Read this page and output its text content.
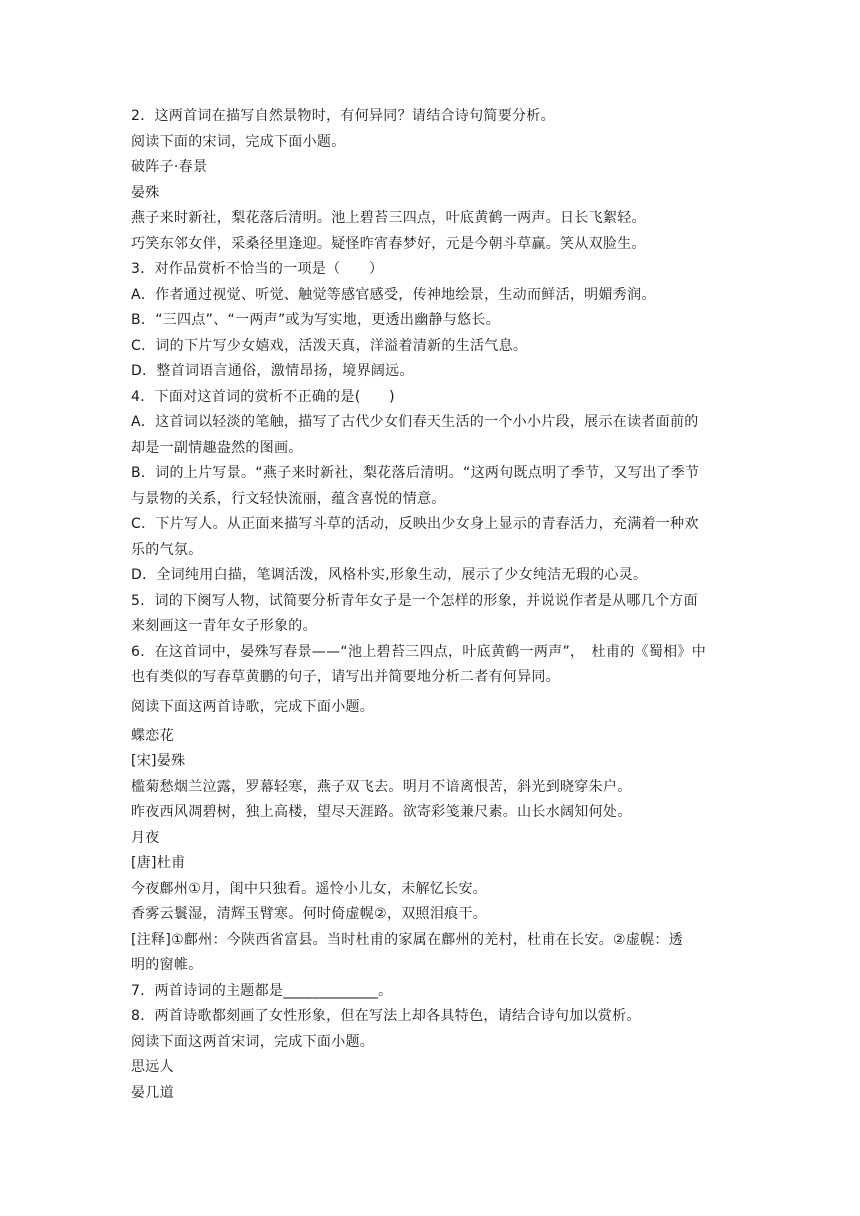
2．这两首词在描写自然景物时，有何异同？请结合诗句简要分析。
阅读下面的宋词，完成下面小题。
破阵子·春景
晏殊
燕子来时新社，梨花落后清明。池上碧苔三四点，叶底黄鹤一两声。日长飞絮轻。
巧笑东邻女伴，采桑径里逢迎。疑怪昨宵春梦好，元是今朝斗草赢。笑从双脸生。
3．对作品赏析不恰当的一项是（　　）
A．作者通过视觉、听觉、触觉等感官感受，传神地绘景，生动而鲜活，明媚秀润。
B．“三四点”、“一两声”或为写实地，更透出幽静与悠长。
C．词的下片写少女嬉戏，活泼天真，洋溢着清新的生活气息。
D．整首词语言通俗，激情昂扬，境界阔远。
4．下面对这首词的赏析不正确的是(　　)
A．这首词以轻淡的笔触，描写了古代少女们春天生活的一个小小片段，展示在读者面前的
却是一副情趣盎然的图画。
B．词的上片写景。“燕子来时新社，梨花落后清明。“这两句既点明了季节，又写出了季节
与景物的关系，行文轻快流丽，蕴含喜悦的情意。
C．下片写人。从正面来描写斗草的活动，反映出少女身上显示的青春活力，充满着一种欢
乐的气氛。
D．全词纯用白描，笔调活泼，风格朴实,形象生动，展示了少女纯洁无瑕的心灵。
5．词的下阕写人物，试简要分析青年女子是一个怎样的形象，并说说作者是从哪几个方面
来刻画这一青年女子形象的。
6．在这首词中，晏殊写春景——“池上碧苔三四点，叶底黄鹤一两声”，　杜甫的《蜀相》中
也有类似的写春草黄鹏的句子，请写出并简要地分析二者有何异同。
阅读下面这两首诗歌，完成下面小题。
蝶恋花
[宋]晏殊
槛菊愁烟兰泣露，罗幕轻寒，燕子双飞去。明月不谙离恨苦，斜光到晓穿朱户。
昨夜西风凋碧树，独上高楼，望尽天涯路。欲寄彩笺兼尺素。山长水阔知何处。
月夜
[唐]杜甫
今夜鄜州①月，闺中只独看。遥怜小儿女，未解忆长安。
香雾云鬟湿，清辉玉臂寒。何时倚虚幌②，双照泪痕干。
[注释]①鄜州：今陕西省富县。当时杜甫的家属在鄜州的羌村，杜甫在长安。②虚幌：透
明的窗帷。
7．两首诗词的主题都是_____________。
8．两首诗歌都刻画了女性形象，但在写法上却各具特色，请结合诗句加以赏析。
阅读下面这两首宋词，完成下面小题。
思远人
晏几道
